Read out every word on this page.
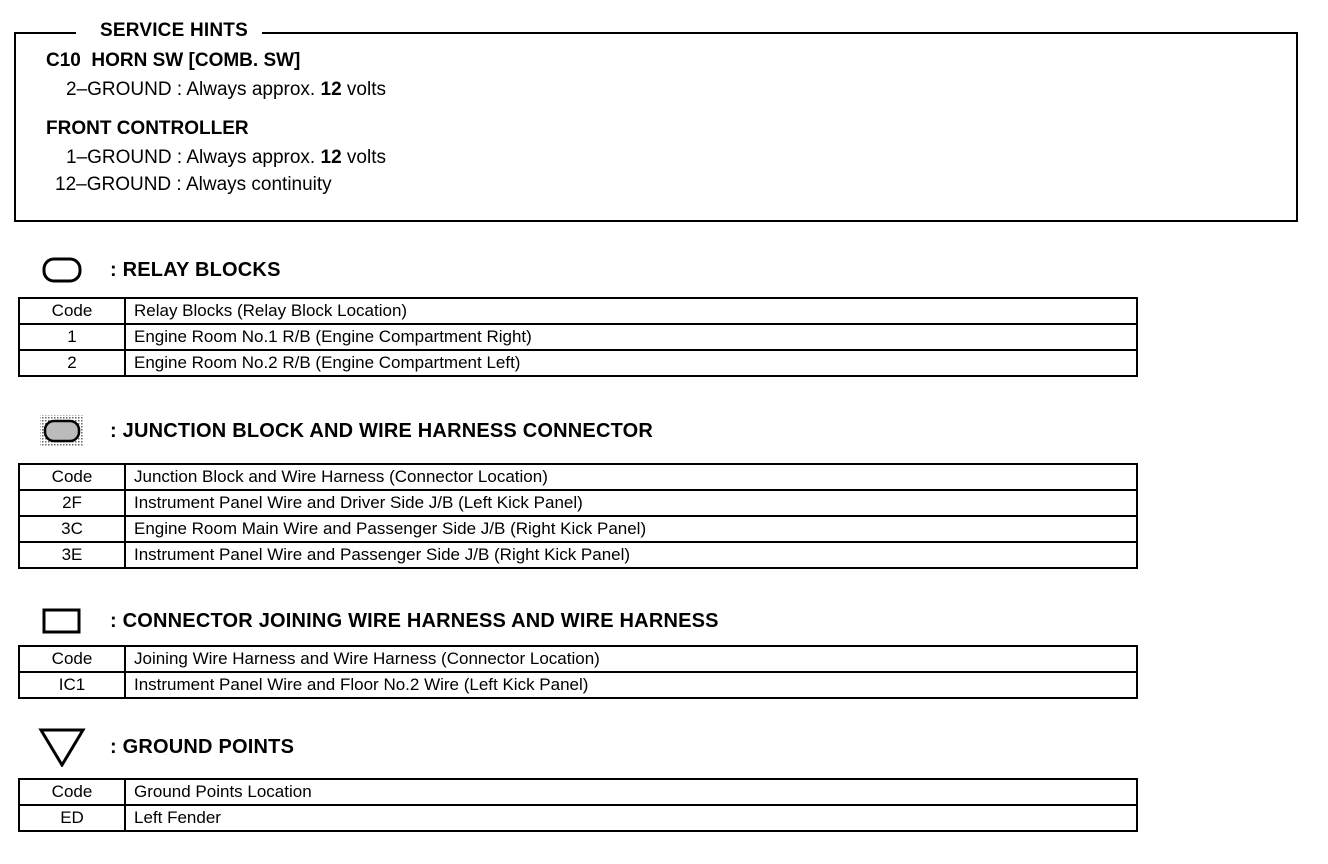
SERVICE HINTS
C10  HORN SW [COMB. SW]
2–GROUND : Always approx. 12 volts
FRONT CONTROLLER
1–GROUND : Always approx. 12 volts
12–GROUND : Always continuity
: RELAY BLOCKS
Code	Relay Blocks (Relay Block Location)
1	Engine Room No.1 R/B (Engine Compartment Right)
2	Engine Room No.2 R/B (Engine Compartment Left)
: JUNCTION BLOCK AND WIRE HARNESS CONNECTOR
Code	Junction Block and Wire Harness (Connector Location)
2F	Instrument Panel Wire and Driver Side J/B (Left Kick Panel)
3C	Engine Room Main Wire and Passenger Side J/B (Right Kick Panel)
3E	Instrument Panel Wire and Passenger Side J/B (Right Kick Panel)
: CONNECTOR JOINING WIRE HARNESS AND WIRE HARNESS
Code	Joining Wire Harness and Wire Harness (Connector Location)
IC1	Instrument Panel Wire and Floor No.2 Wire (Left Kick Panel)
: GROUND POINTS
Code	Ground Points Location
ED	Left Fender
